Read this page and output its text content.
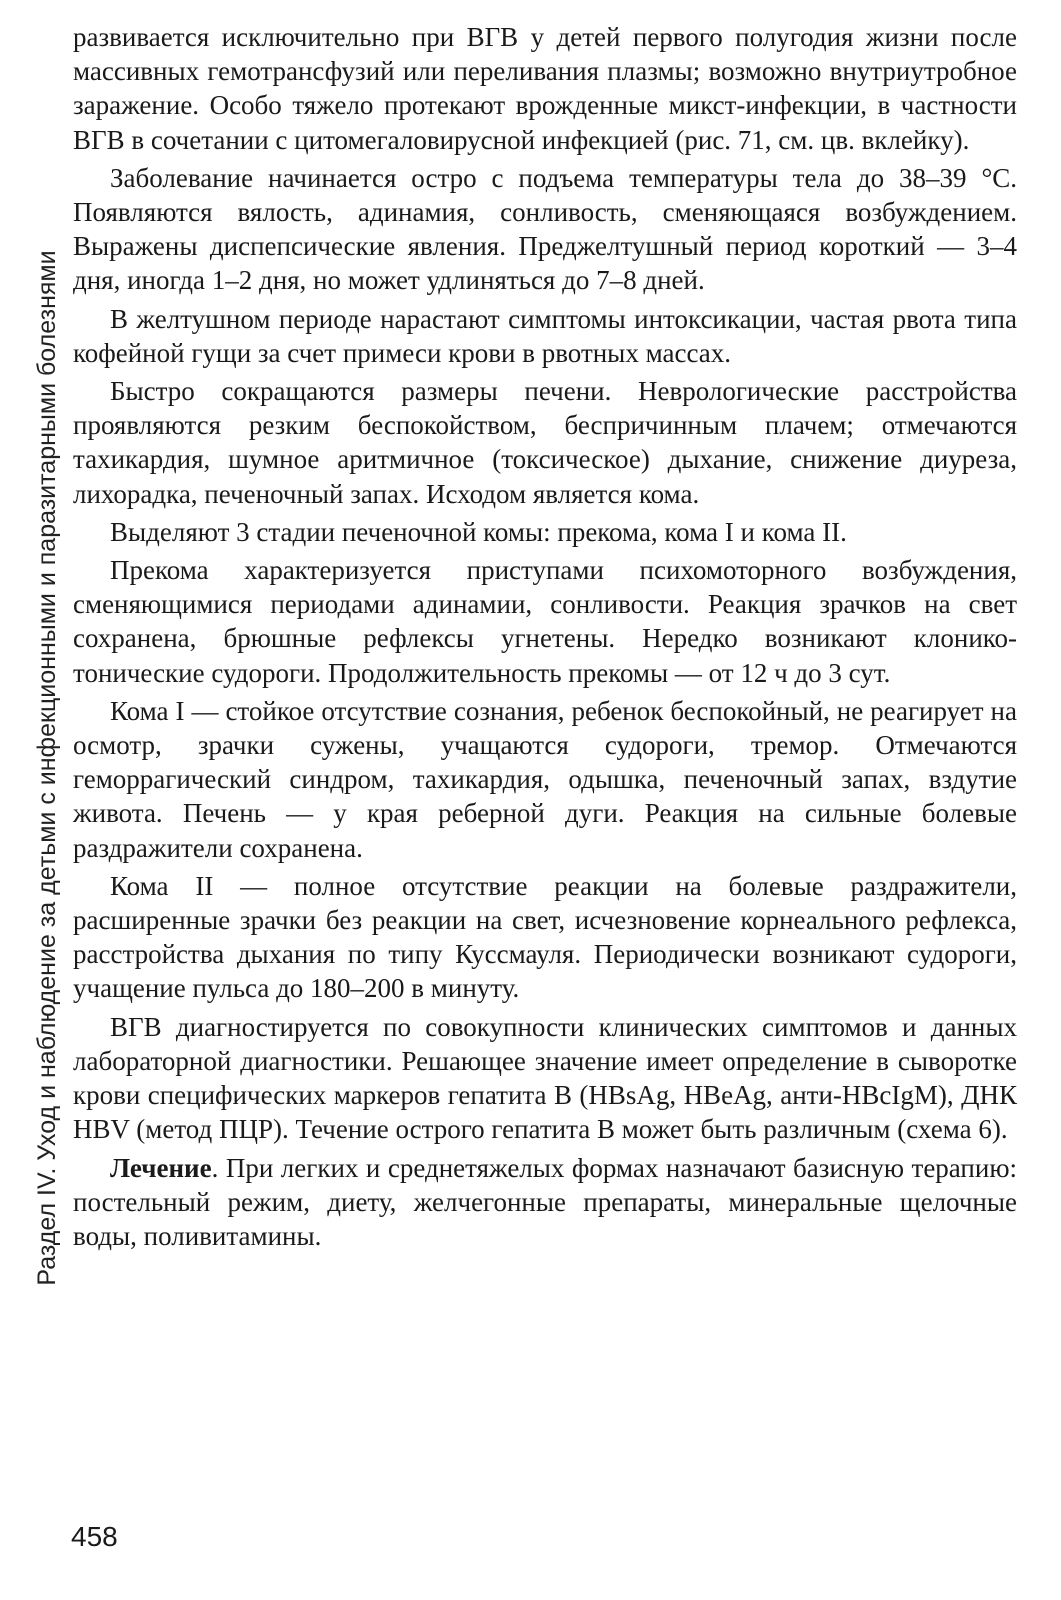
Раздел IV. Уход и наблюдение за детьми с инфекционными и паразитарными болезнями

развивается исключительно при ВГВ у детей первого полугодия жизни после массивных гемотрансфузий или переливания плазмы; возможно внутриутробное заражение. Особо тяжело протекают врожденные микст-инфекции, в частности ВГВ в сочетании с цитомегаловирусной инфекцией (рис. 71, см. цв. вклейку).

Заболевание начинается остро с подъема температуры тела до 38–39 °С. Появляются вялость, адинамия, сонливость, сменяющаяся возбуждением. Выражены диспепсические явления. Преджелтушный период короткий — 3–4 дня, иногда 1–2 дня, но может удлиняться до 7–8 дней.

В желтушном периоде нарастают симптомы интоксикации, частая рвота типа кофейной гущи за счет примеси крови в рвотных массах.

Быстро сокращаются размеры печени. Неврологические расстройства проявляются резким беспокойством, беспричинным плачем; отмечаются тахикардия, шумное аритмичное (токсическое) дыхание, снижение диуреза, лихорадка, печеночный запах. Исходом является кома.

Выделяют 3 стадии печеночной комы: прекома, кома I и кома II.

Прекома характеризуется приступами психомоторного возбуждения, сменяющимися периодами адинамии, сонливости. Реакция зрачков на свет сохранена, брюшные рефлексы угнетены. Нередко возникают клонико-тонические судороги. Продолжительность прекомы — от 12 ч до 3 сут.

Кома I — стойкое отсутствие сознания, ребенок беспокойный, не реагирует на осмотр, зрачки сужены, учащаются судороги, тремор. Отмечаются геморрагический синдром, тахикардия, одышка, печеночный запах, вздутие живота. Печень — у края реберной дуги. Реакция на сильные болевые раздражители сохранена.

Кома II — полное отсутствие реакции на болевые раздражители, расширенные зрачки без реакции на свет, исчезновение корнеального рефлекса, расстройства дыхания по типу Куссмауля. Периодически возникают судороги, учащение пульса до 180–200 в минуту.

ВГВ диагностируется по совокупности клинических симптомов и данных лабораторной диагностики. Решающее значение имеет определение в сыворотке крови специфических маркеров гепатита В (HBsAg, HBeAg, анти-HBcIgM), ДНК HBV (метод ПЦР). Течение острого гепатита В может быть различным (схема 6).

Лечение. При легких и среднетяжелых формах назначают базисную терапию: постельный режим, диету, желчегонные препараты, минеральные щелочные воды, поливитамины.

458
